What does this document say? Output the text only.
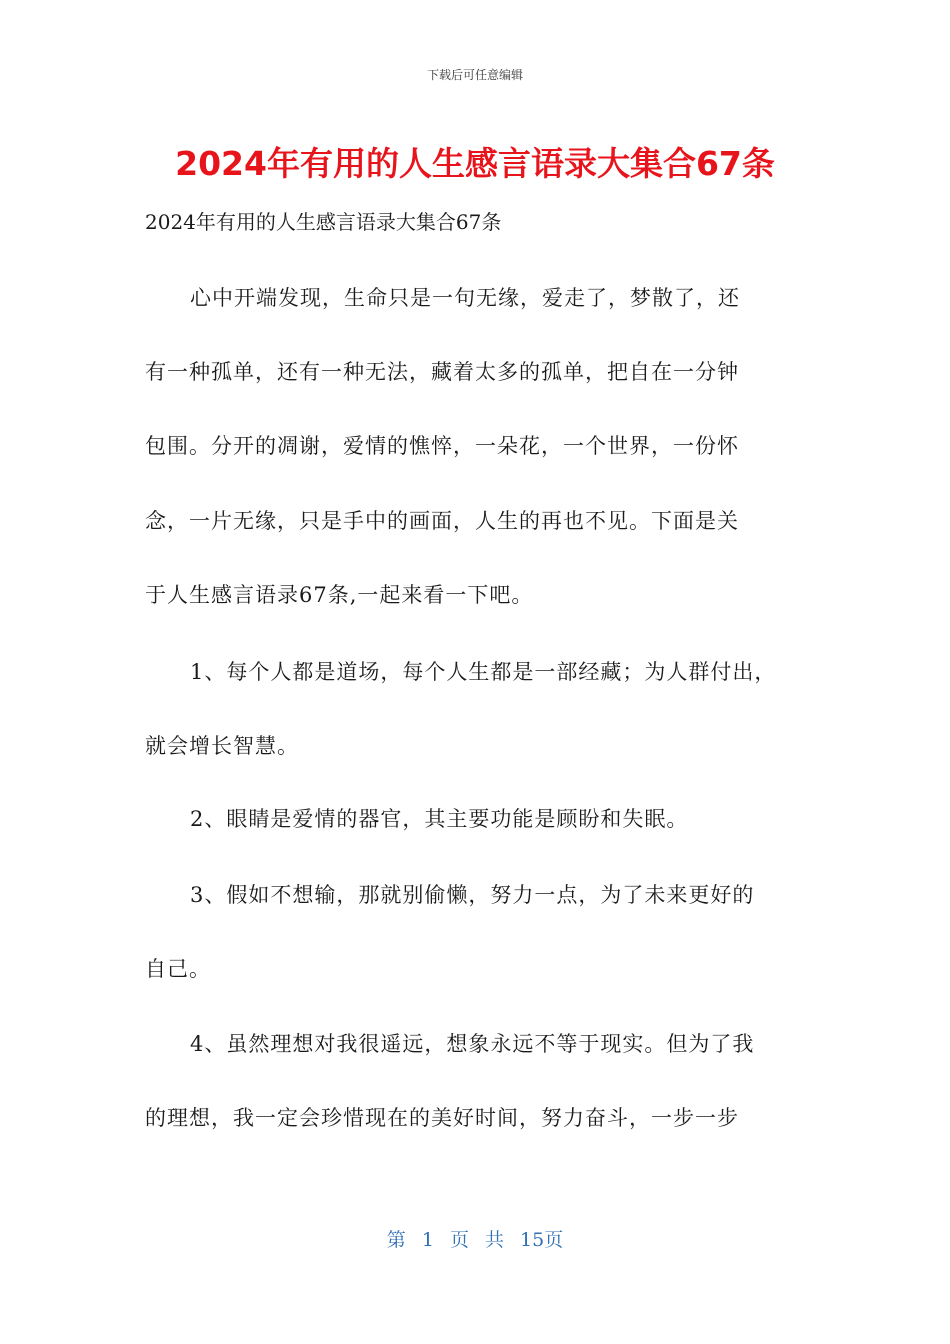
下载后可任意编辑
2024年有用的人生感言语录大集合67条
2024年有用的人生感言语录大集合67条
心中开端发现，生命只是一句无缘，爱走了，梦散了，还
有一种孤单，还有一种无法，藏着太多的孤单，把自在一分钟
包围。分开的凋谢，爱情的憔悴，一朵花，一个世界，一份怀
念，一片无缘，只是手中的画面，人生的再也不见。下面是关
于人生感言语录67条,一起来看一下吧。
1、每个人都是道场，每个人生都是一部经藏；为人群付出，
就会增长智慧。
2、眼睛是爱情的器官，其主要功能是顾盼和失眠。
3、假如不想输，那就别偷懒，努力一点，为了未来更好的
自己。
4、虽然理想对我很遥远，想象永远不等于现实。但为了我
的理想，我一定会珍惜现在的美好时间，努力奋斗，一步一步
第 1 页 共 15页
